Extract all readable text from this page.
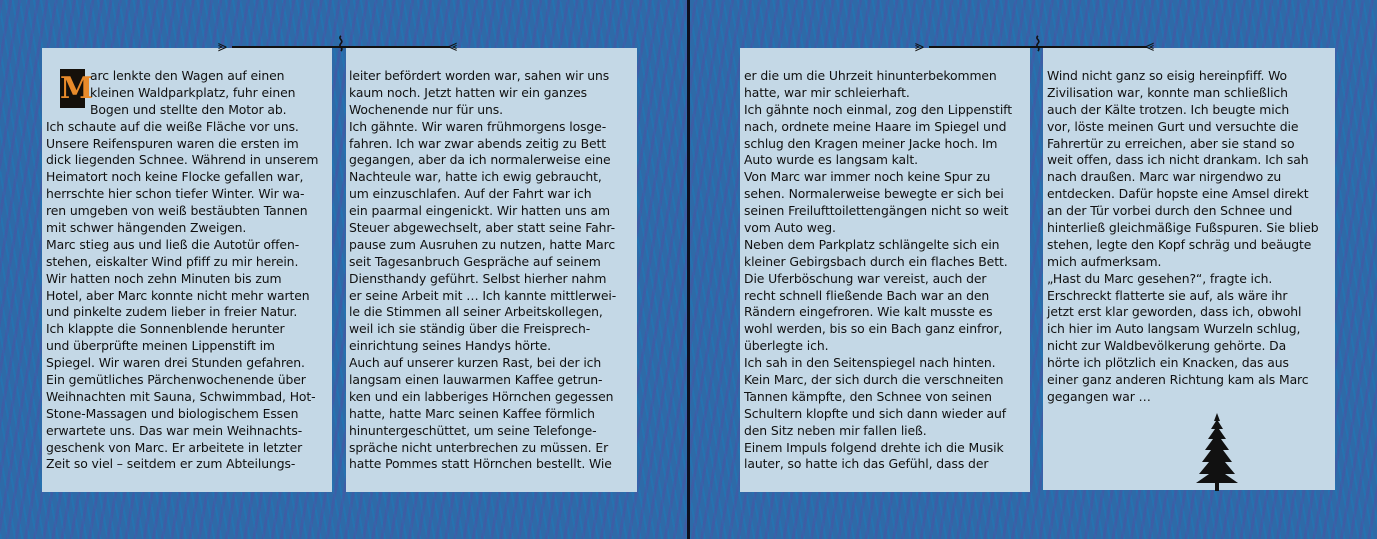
⪢	⌇	⪡	⪢	⌇	⪡
M
arc lenkte den Wagen auf einen
kleinen Waldparkplatz, fuhr einen
Bogen und stellte den Motor ab.
Ich schaute auf die weiße Fläche vor uns.
Unsere Reifenspuren waren die ersten im
dick liegenden Schnee. Während in unserem
Heimatort noch keine Flocke gefallen war,
herrschte hier schon tiefer Winter. Wir wa-
ren umgeben von weiß bestäubten Tannen
mit schwer hängenden Zweigen.
Marc stieg aus und ließ die Autotür offen-
stehen, eiskalter Wind pfiff zu mir herein.
Wir hatten noch zehn Minuten bis zum
Hotel, aber Marc konnte nicht mehr warten
und pinkelte zudem lieber in freier Natur.
Ich klappte die Sonnenblende herunter
und überprüfte meinen Lippenstift im
Spiegel. Wir waren drei Stunden gefahren.
Ein gemütliches Pärchenwochenende über
Weihnachten mit Sauna, Schwimmbad, Hot-
Stone-Massagen und biologischem Essen
erwartete uns. Das war mein Weihnachts-
geschenk von Marc. Er arbeitete in letzter
Zeit so viel – seitdem er zum Abteilungs-
leiter befördert worden war, sahen wir uns
kaum noch. Jetzt hatten wir ein ganzes
Wochenende nur für uns.
Ich gähnte. Wir waren frühmorgens losge-
fahren. Ich war zwar abends zeitig zu Bett
gegangen, aber da ich normalerweise eine
Nachteule war, hatte ich ewig gebraucht,
um einzuschlafen. Auf der Fahrt war ich
ein paarmal eingenickt. Wir hatten uns am
Steuer abgewechselt, aber statt seine Fahr-
pause zum Ausruhen zu nutzen, hatte Marc
seit Tagesanbruch Gespräche auf seinem
Diensthandy geführt. Selbst hierher nahm
er seine Arbeit mit … Ich kannte mittlerwei-
le die Stimmen all seiner Arbeitskollegen,
weil ich sie ständig über die Freisprech-
einrichtung seines Handys hörte.
Auch auf unserer kurzen Rast, bei der ich
langsam einen lauwarmen Kaffee getrun-
ken und ein labberiges Hörnchen gegessen
hatte, hatte Marc seinen Kaffee förmlich
hinuntergeschüttet, um seine Telefonge-
spräche nicht unterbrechen zu müssen. Er
hatte Pommes statt Hörnchen bestellt. Wie
er die um die Uhrzeit hinunterbekommen
hatte, war mir schleierhaft.
Ich gähnte noch einmal, zog den Lippenstift
nach, ordnete meine Haare im Spiegel und
schlug den Kragen meiner Jacke hoch. Im
Auto wurde es langsam kalt.
Von Marc war immer noch keine Spur zu
sehen. Normalerweise bewegte er sich bei
seinen Freilufttoilettengängen nicht so weit
vom Auto weg.
Neben dem Parkplatz schlängelte sich ein
kleiner Gebirgsbach durch ein flaches Bett.
Die Uferböschung war vereist, auch der
recht schnell fließende Bach war an den
Rändern eingefroren. Wie kalt musste es
wohl werden, bis so ein Bach ganz einfror,
überlegte ich.
Ich sah in den Seitenspiegel nach hinten.
Kein Marc, der sich durch die verschneiten
Tannen kämpfte, den Schnee von seinen
Schultern klopfte und sich dann wieder auf
den Sitz neben mir fallen ließ.
Einem Impuls folgend drehte ich die Musik
lauter, so hatte ich das Gefühl, dass der
Wind nicht ganz so eisig hereinpfiff. Wo
Zivilisation war, konnte man schließlich
auch der Kälte trotzen. Ich beugte mich
vor, löste meinen Gurt und versuchte die
Fahrertür zu erreichen, aber sie stand so
weit offen, dass ich nicht drankam. Ich sah
nach draußen. Marc war nirgendwo zu
entdecken. Dafür hopste eine Amsel direkt
an der Tür vorbei durch den Schnee und
hinterließ gleichmäßige Fußspuren. Sie blieb
stehen, legte den Kopf schräg und beäugte
mich aufmerksam.
„Hast du Marc gesehen?“, fragte ich.
Erschreckt flatterte sie auf, als wäre ihr
jetzt erst klar geworden, dass ich, obwohl
ich hier im Auto langsam Wurzeln schlug,
nicht zur Waldbevölkerung gehörte. Da
hörte ich plötzlich ein Knacken, das aus
einer ganz anderen Richtung kam als Marc
gegangen war …
